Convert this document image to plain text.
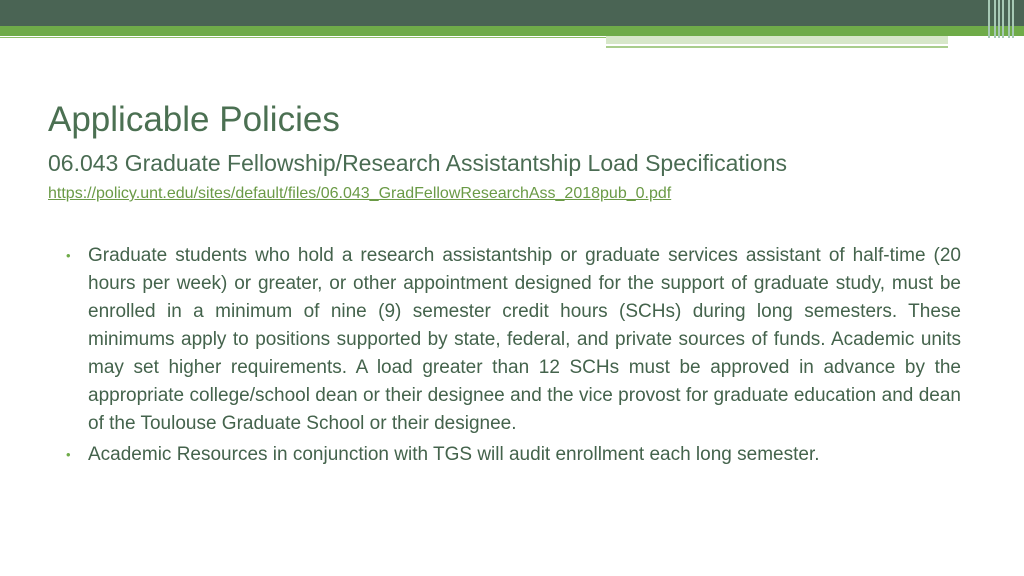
Applicable Policies
06.043 Graduate Fellowship/Research Assistantship Load Specifications
https://policy.unt.edu/sites/default/files/06.043_GradFellowResearchAss_2018pub_0.pdf
• Graduate students who hold a research assistantship or graduate services assistant of half-time (20 hours per week) or greater, or other appointment designed for the support of graduate study, must be enrolled in a minimum of nine (9) semester credit hours (SCHs) during long semesters. These minimums apply to positions supported by state, federal, and private sources of funds. Academic units may set higher requirements. A load greater than 12 SCHs must be approved in advance by the appropriate college/school dean or their designee and the vice provost for graduate education and dean of the Toulouse Graduate School or their designee.
• Academic Resources in conjunction with TGS will audit enrollment each long semester.
